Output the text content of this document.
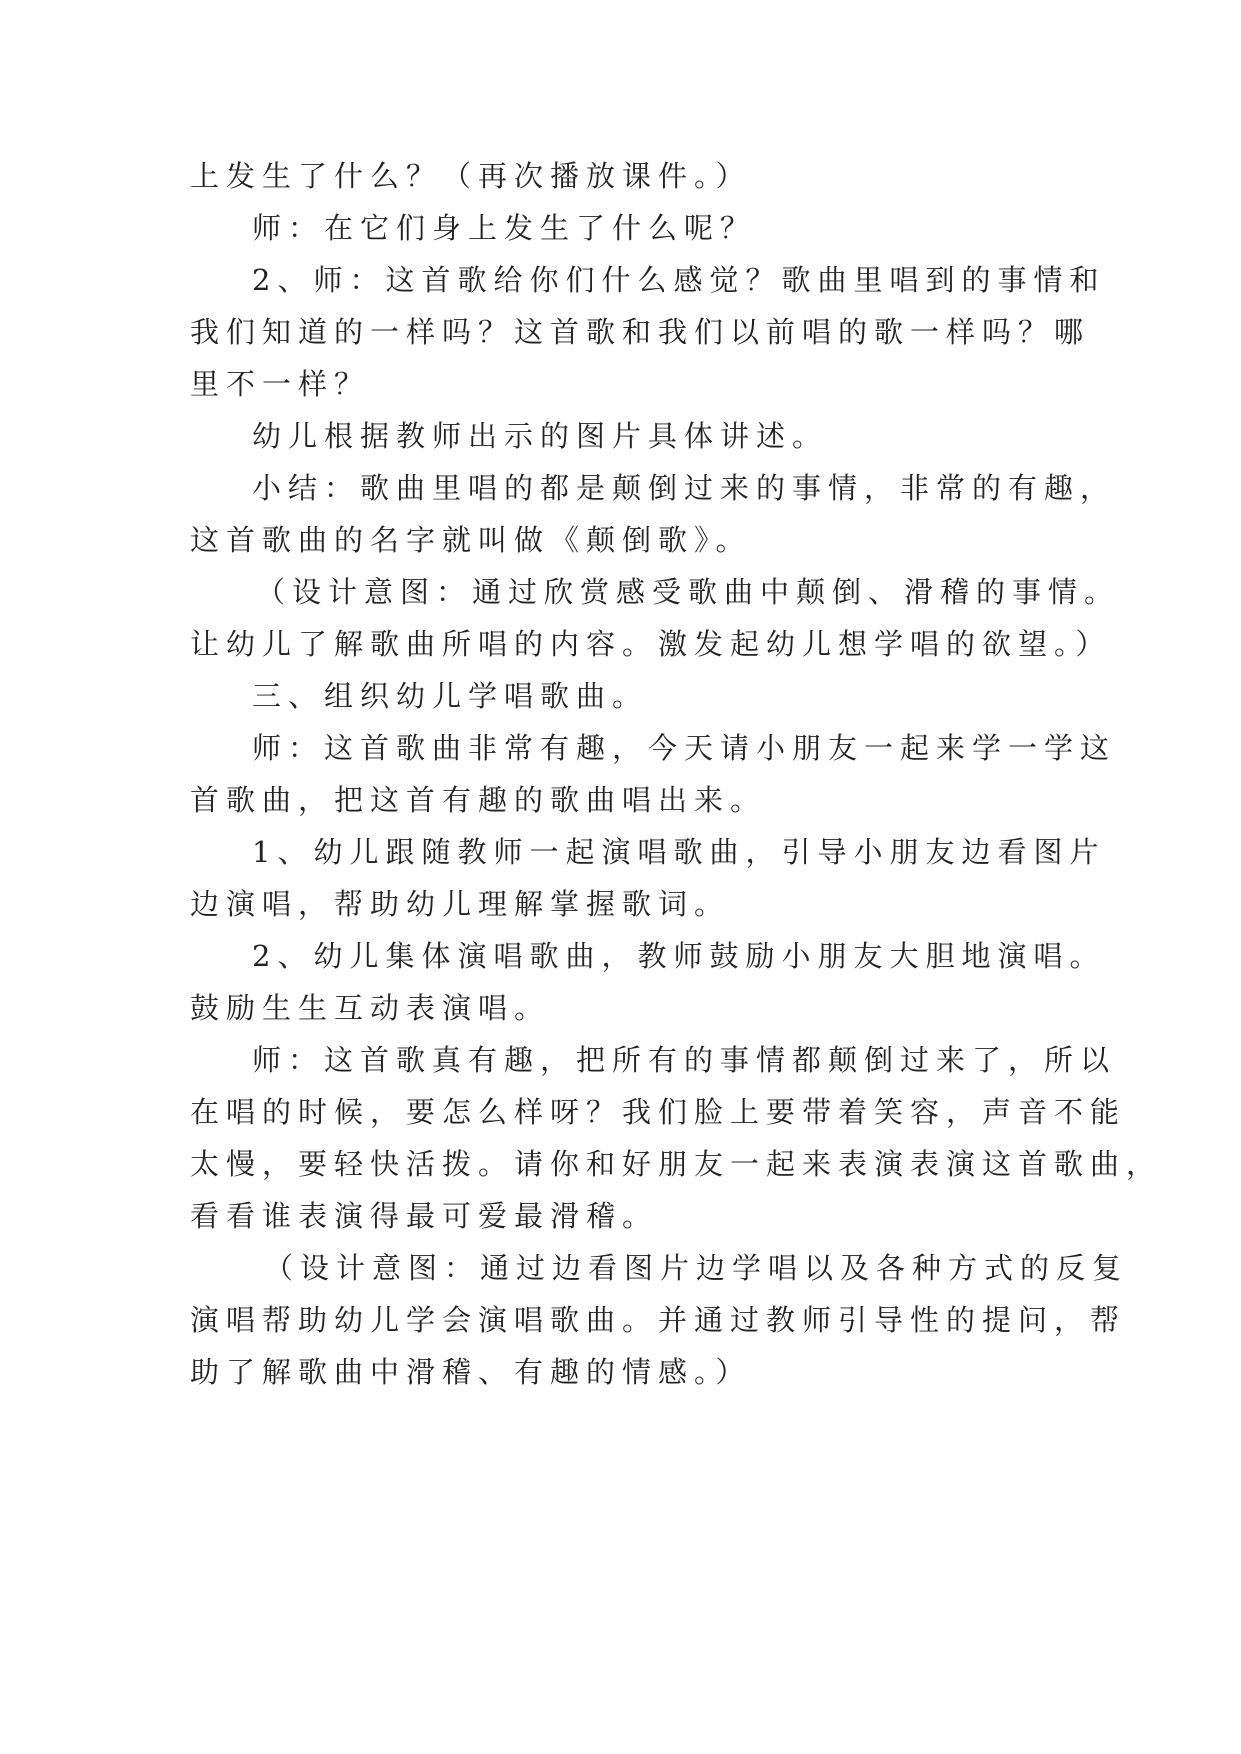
上发生了什么？（再次播放课件。）
师：在它们身上发生了什么呢？
2、师：这首歌给你们什么感觉？歌曲里唱到的事情和
我们知道的一样吗？这首歌和我们以前唱的歌一样吗？哪
里不一样？
幼儿根据教师出示的图片具体讲述。
小结：歌曲里唱的都是颠倒过来的事情，非常的有趣，
这首歌曲的名字就叫做《颠倒歌》。
（设计意图：通过欣赏感受歌曲中颠倒、滑稽的事情。
让幼儿了解歌曲所唱的内容。激发起幼儿想学唱的欲望。）
三、组织幼儿学唱歌曲。
师：这首歌曲非常有趣，今天请小朋友一起来学一学这
首歌曲，把这首有趣的歌曲唱出来。
1、幼儿跟随教师一起演唱歌曲，引导小朋友边看图片
边演唱，帮助幼儿理解掌握歌词。
2、幼儿集体演唱歌曲，教师鼓励小朋友大胆地演唱。
鼓励生生互动表演唱。
师：这首歌真有趣，把所有的事情都颠倒过来了，所以
在唱的时候，要怎么样呀？我们脸上要带着笑容，声音不能
太慢，要轻快活拨。请你和好朋友一起来表演表演这首歌曲，
看看谁表演得最可爱最滑稽。
（设计意图：通过边看图片边学唱以及各种方式的反复
演唱帮助幼儿学会演唱歌曲。并通过教师引导性的提问，帮
助了解歌曲中滑稽、有趣的情感。）
